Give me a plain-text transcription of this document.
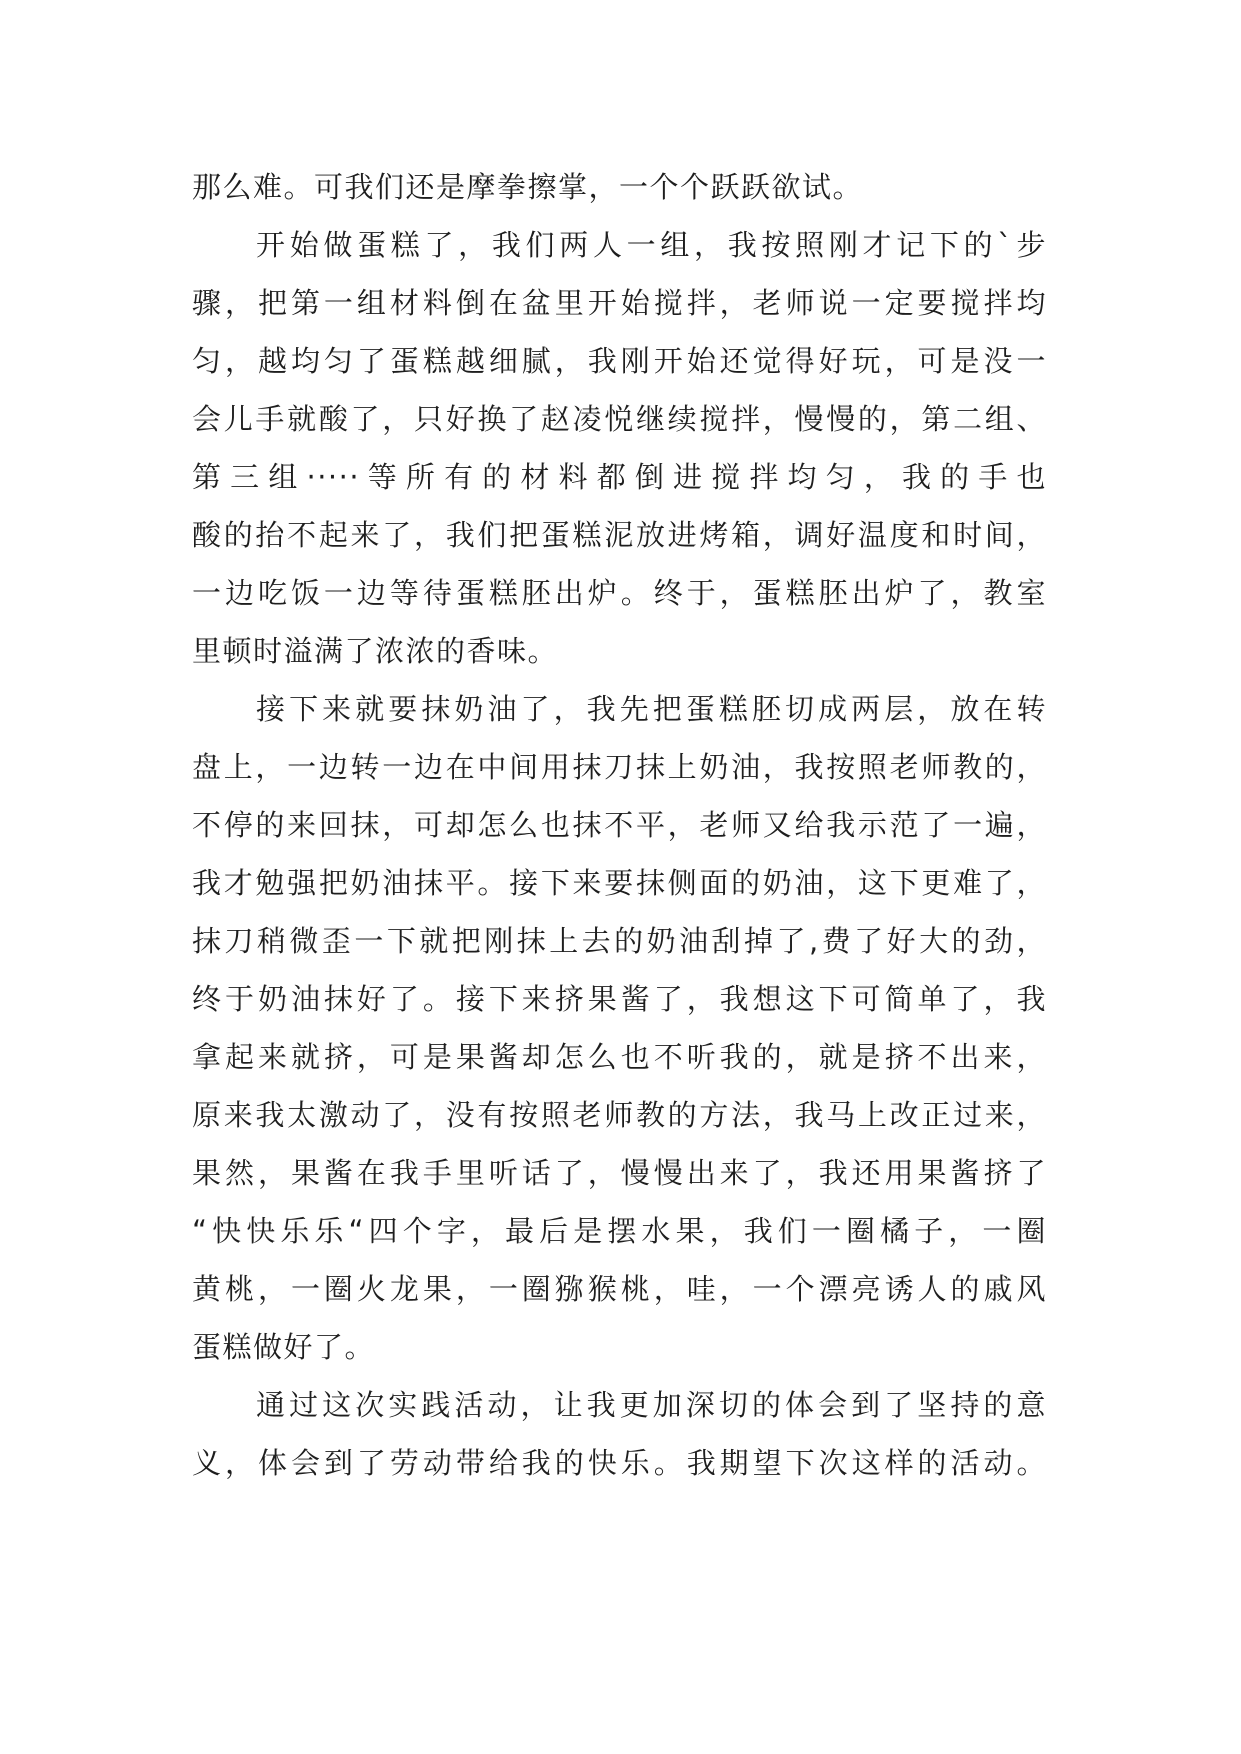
那么难。可我们还是摩拳擦掌，一个个跃跃欲试。
开始做蛋糕了，我们两人一组，我按照刚才记下的`步
骤，把第一组材料倒在盆里开始搅拌，老师说一定要搅拌均
匀，越均匀了蛋糕越细腻，我刚开始还觉得好玩，可是没一
会儿手就酸了，只好换了赵凌悦继续搅拌，慢慢的，第二组、
第三组·····等所有的材料都倒进搅拌均匀，我的手也
酸的抬不起来了，我们把蛋糕泥放进烤箱，调好温度和时间，
一边吃饭一边等待蛋糕胚出炉。终于，蛋糕胚出炉了，教室
里顿时溢满了浓浓的香味。
接下来就要抹奶油了，我先把蛋糕胚切成两层，放在转
盘上，一边转一边在中间用抹刀抹上奶油，我按照老师教的，
不停的来回抹，可却怎么也抹不平，老师又给我示范了一遍，
我才勉强把奶油抹平。接下来要抹侧面的奶油，这下更难了，
抹刀稍微歪一下就把刚抹上去的奶油刮掉了,费了好大的劲，
终于奶油抹好了。接下来挤果酱了，我想这下可简单了，我
拿起来就挤，可是果酱却怎么也不听我的，就是挤不出来，
原来我太激动了，没有按照老师教的方法，我马上改正过来，
果然，果酱在我手里听话了，慢慢出来了，我还用果酱挤了
“快快乐乐“四个字，最后是摆水果，我们一圈橘子，一圈
黄桃，一圈火龙果，一圈猕猴桃，哇，一个漂亮诱人的戚风
蛋糕做好了。
通过这次实践活动，让我更加深切的体会到了坚持的意
义，体会到了劳动带给我的快乐。我期望下次这样的活动。
